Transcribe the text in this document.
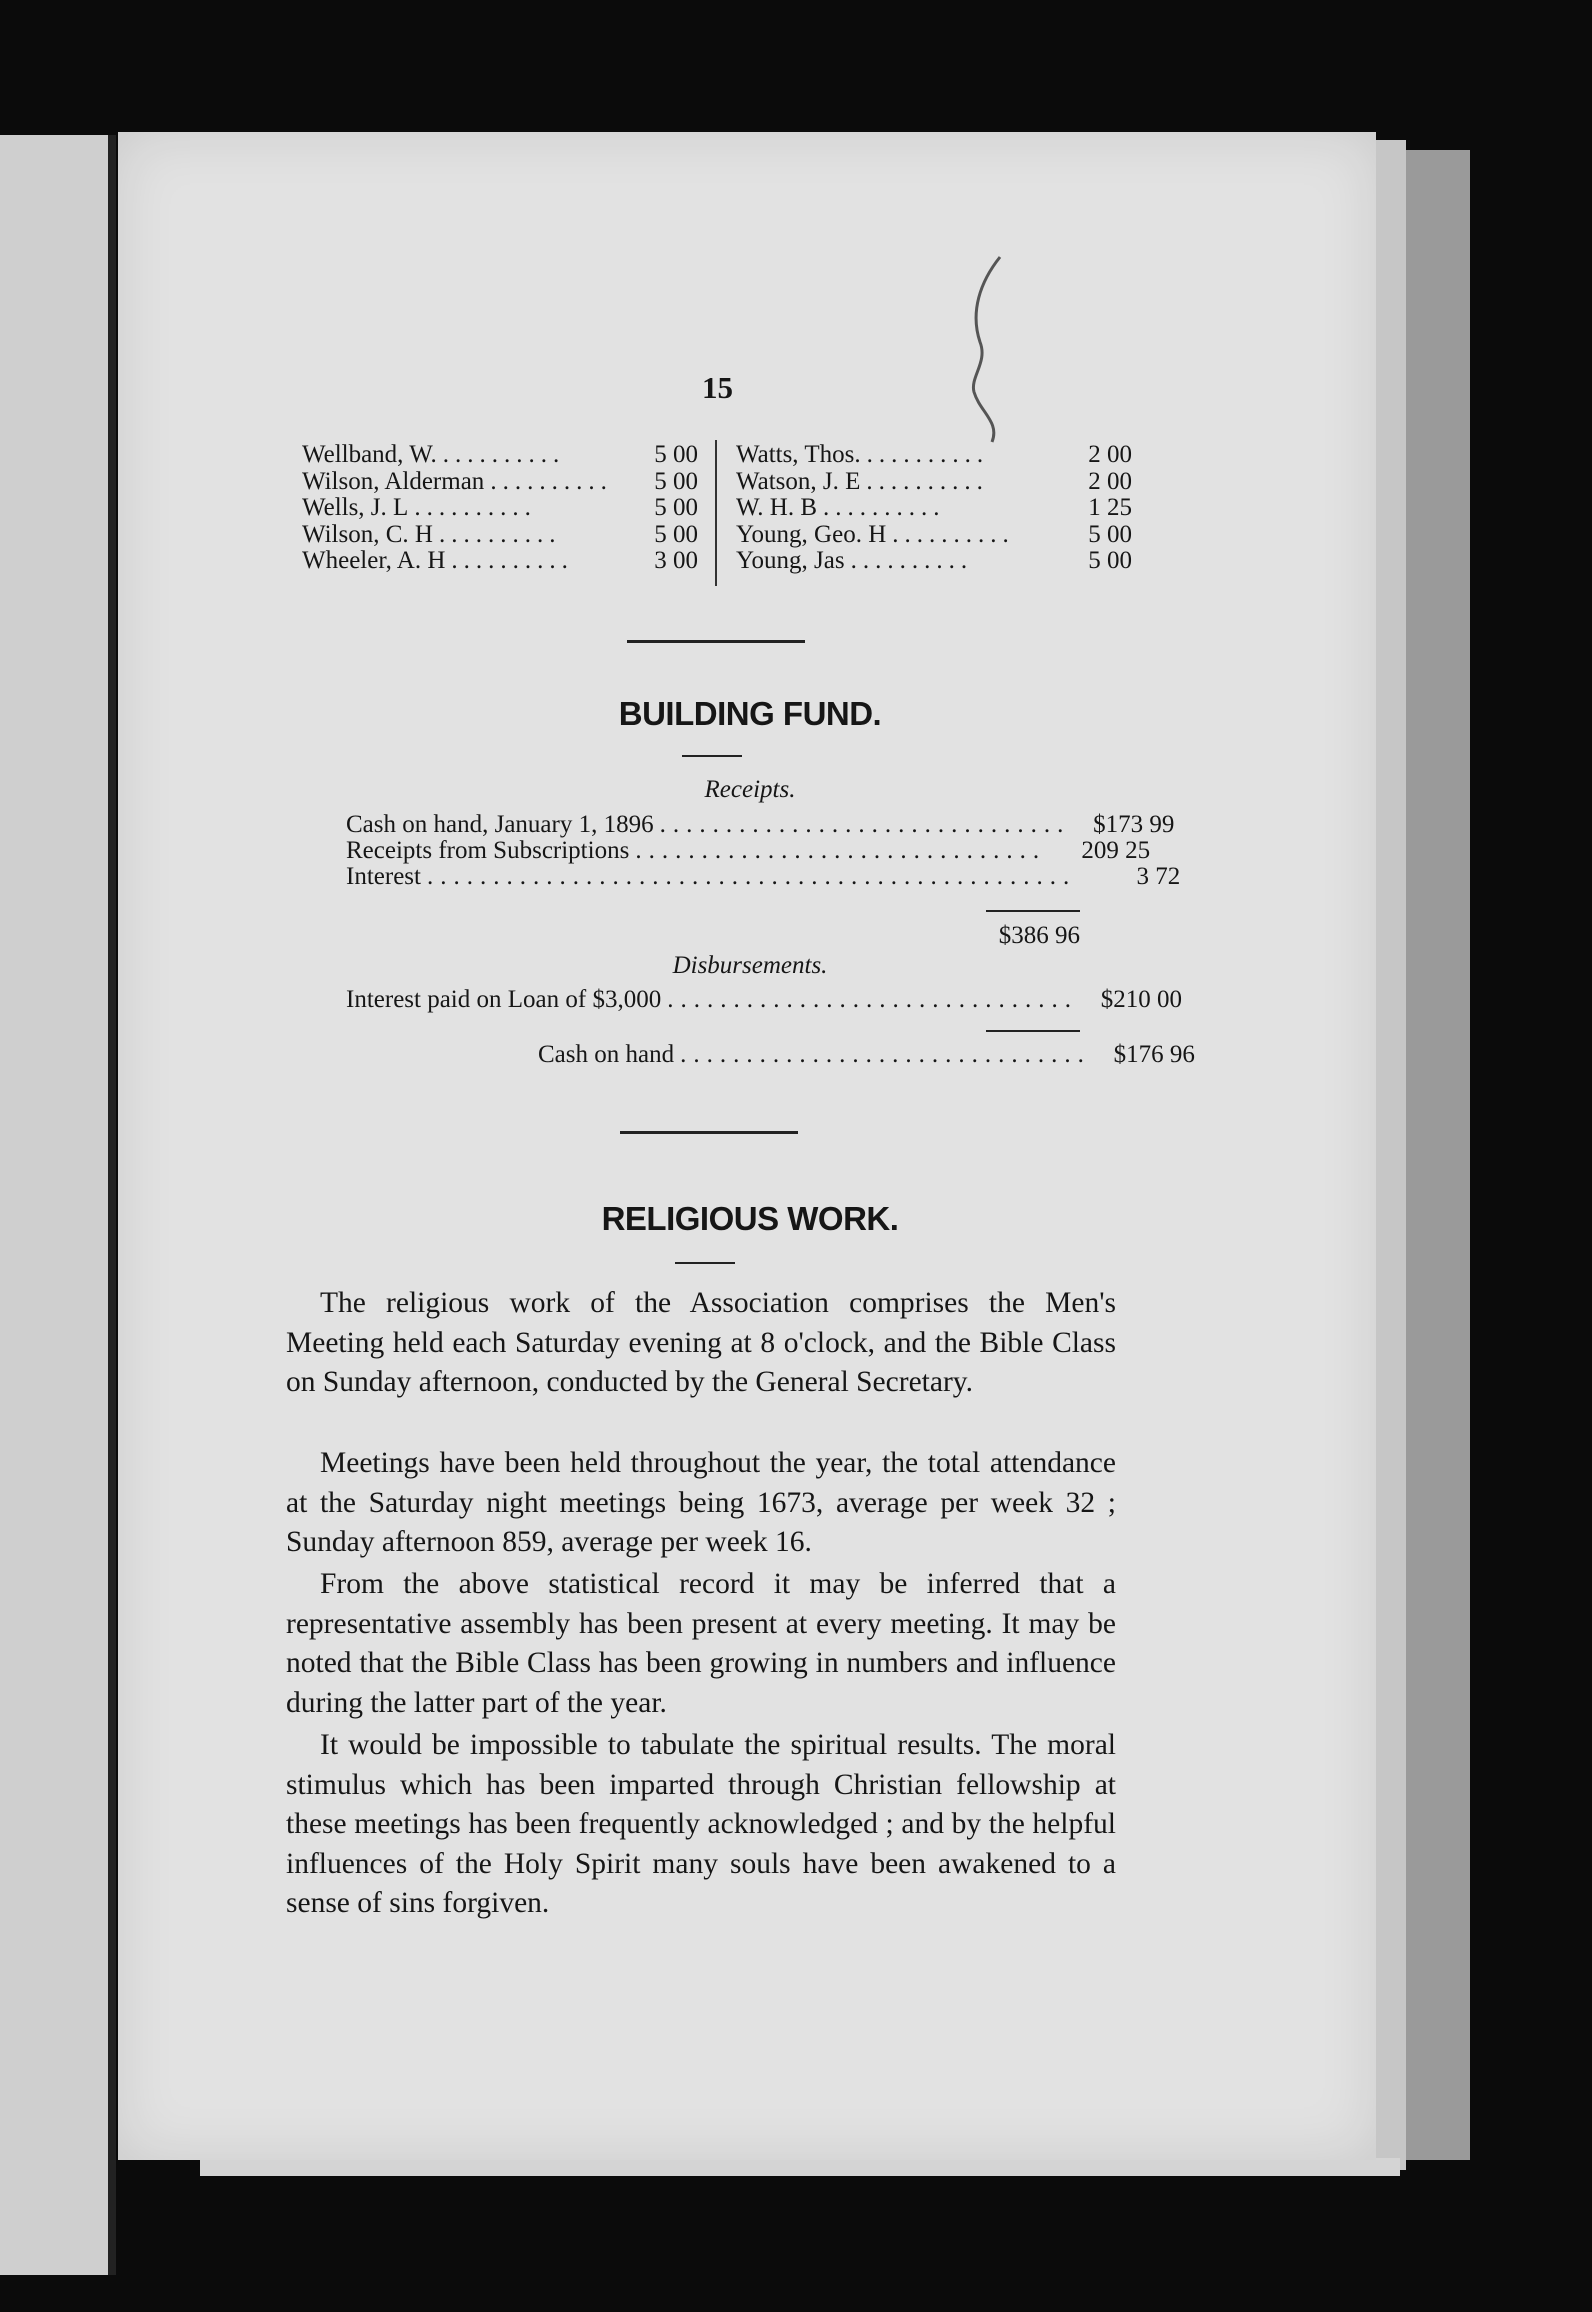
15
Wellband, W. ..........	5 00
Wilson, Alderman ..........	5 00
Wells, J. L ..........	5 00
Wilson, C. H ..........	5 00
Wheeler, A. H ..........	3 00
Watts, Thos. ..........	2 00
Watson, J. E ..........	2 00
W. H. B ..........	1 25
Young, Geo. H ..........	5 00
Young, Jas ..........	5 00
BUILDING FUND.
Receipts.
Cash on hand, January 1, 1896 ............................... $173 99
Receipts from Subscriptions ...............................	209 25
Interest .................................................	3 72
$386 96
Disbursements.
Interest paid on Loan of $3,000 ............................... $210 00
Cash on hand ............................... $176 96
RELIGIOUS WORK.

The religious work of the Association comprises the Men's Meeting held each Saturday evening at 8 o'clock, and the Bible Class on Sunday afternoon, conducted by the General Secretary.

Meetings have been held throughout the year, the total attendance at the Saturday night meetings being 1673, average per week 32 ; Sunday afternoon 859, average per week 16.

From the above statistical record it may be inferred that a representative assembly has been present at every meeting. It may be noted that the Bible Class has been growing in numbers and influence during the latter part of the year.

It would be impossible to tabulate the spiritual results. The moral stimulus which has been imparted through Christian fellowship at these meetings has been frequently acknowledged ; and by the helpful influences of the Holy Spirit many souls have been awakened to a sense of sins forgiven.
